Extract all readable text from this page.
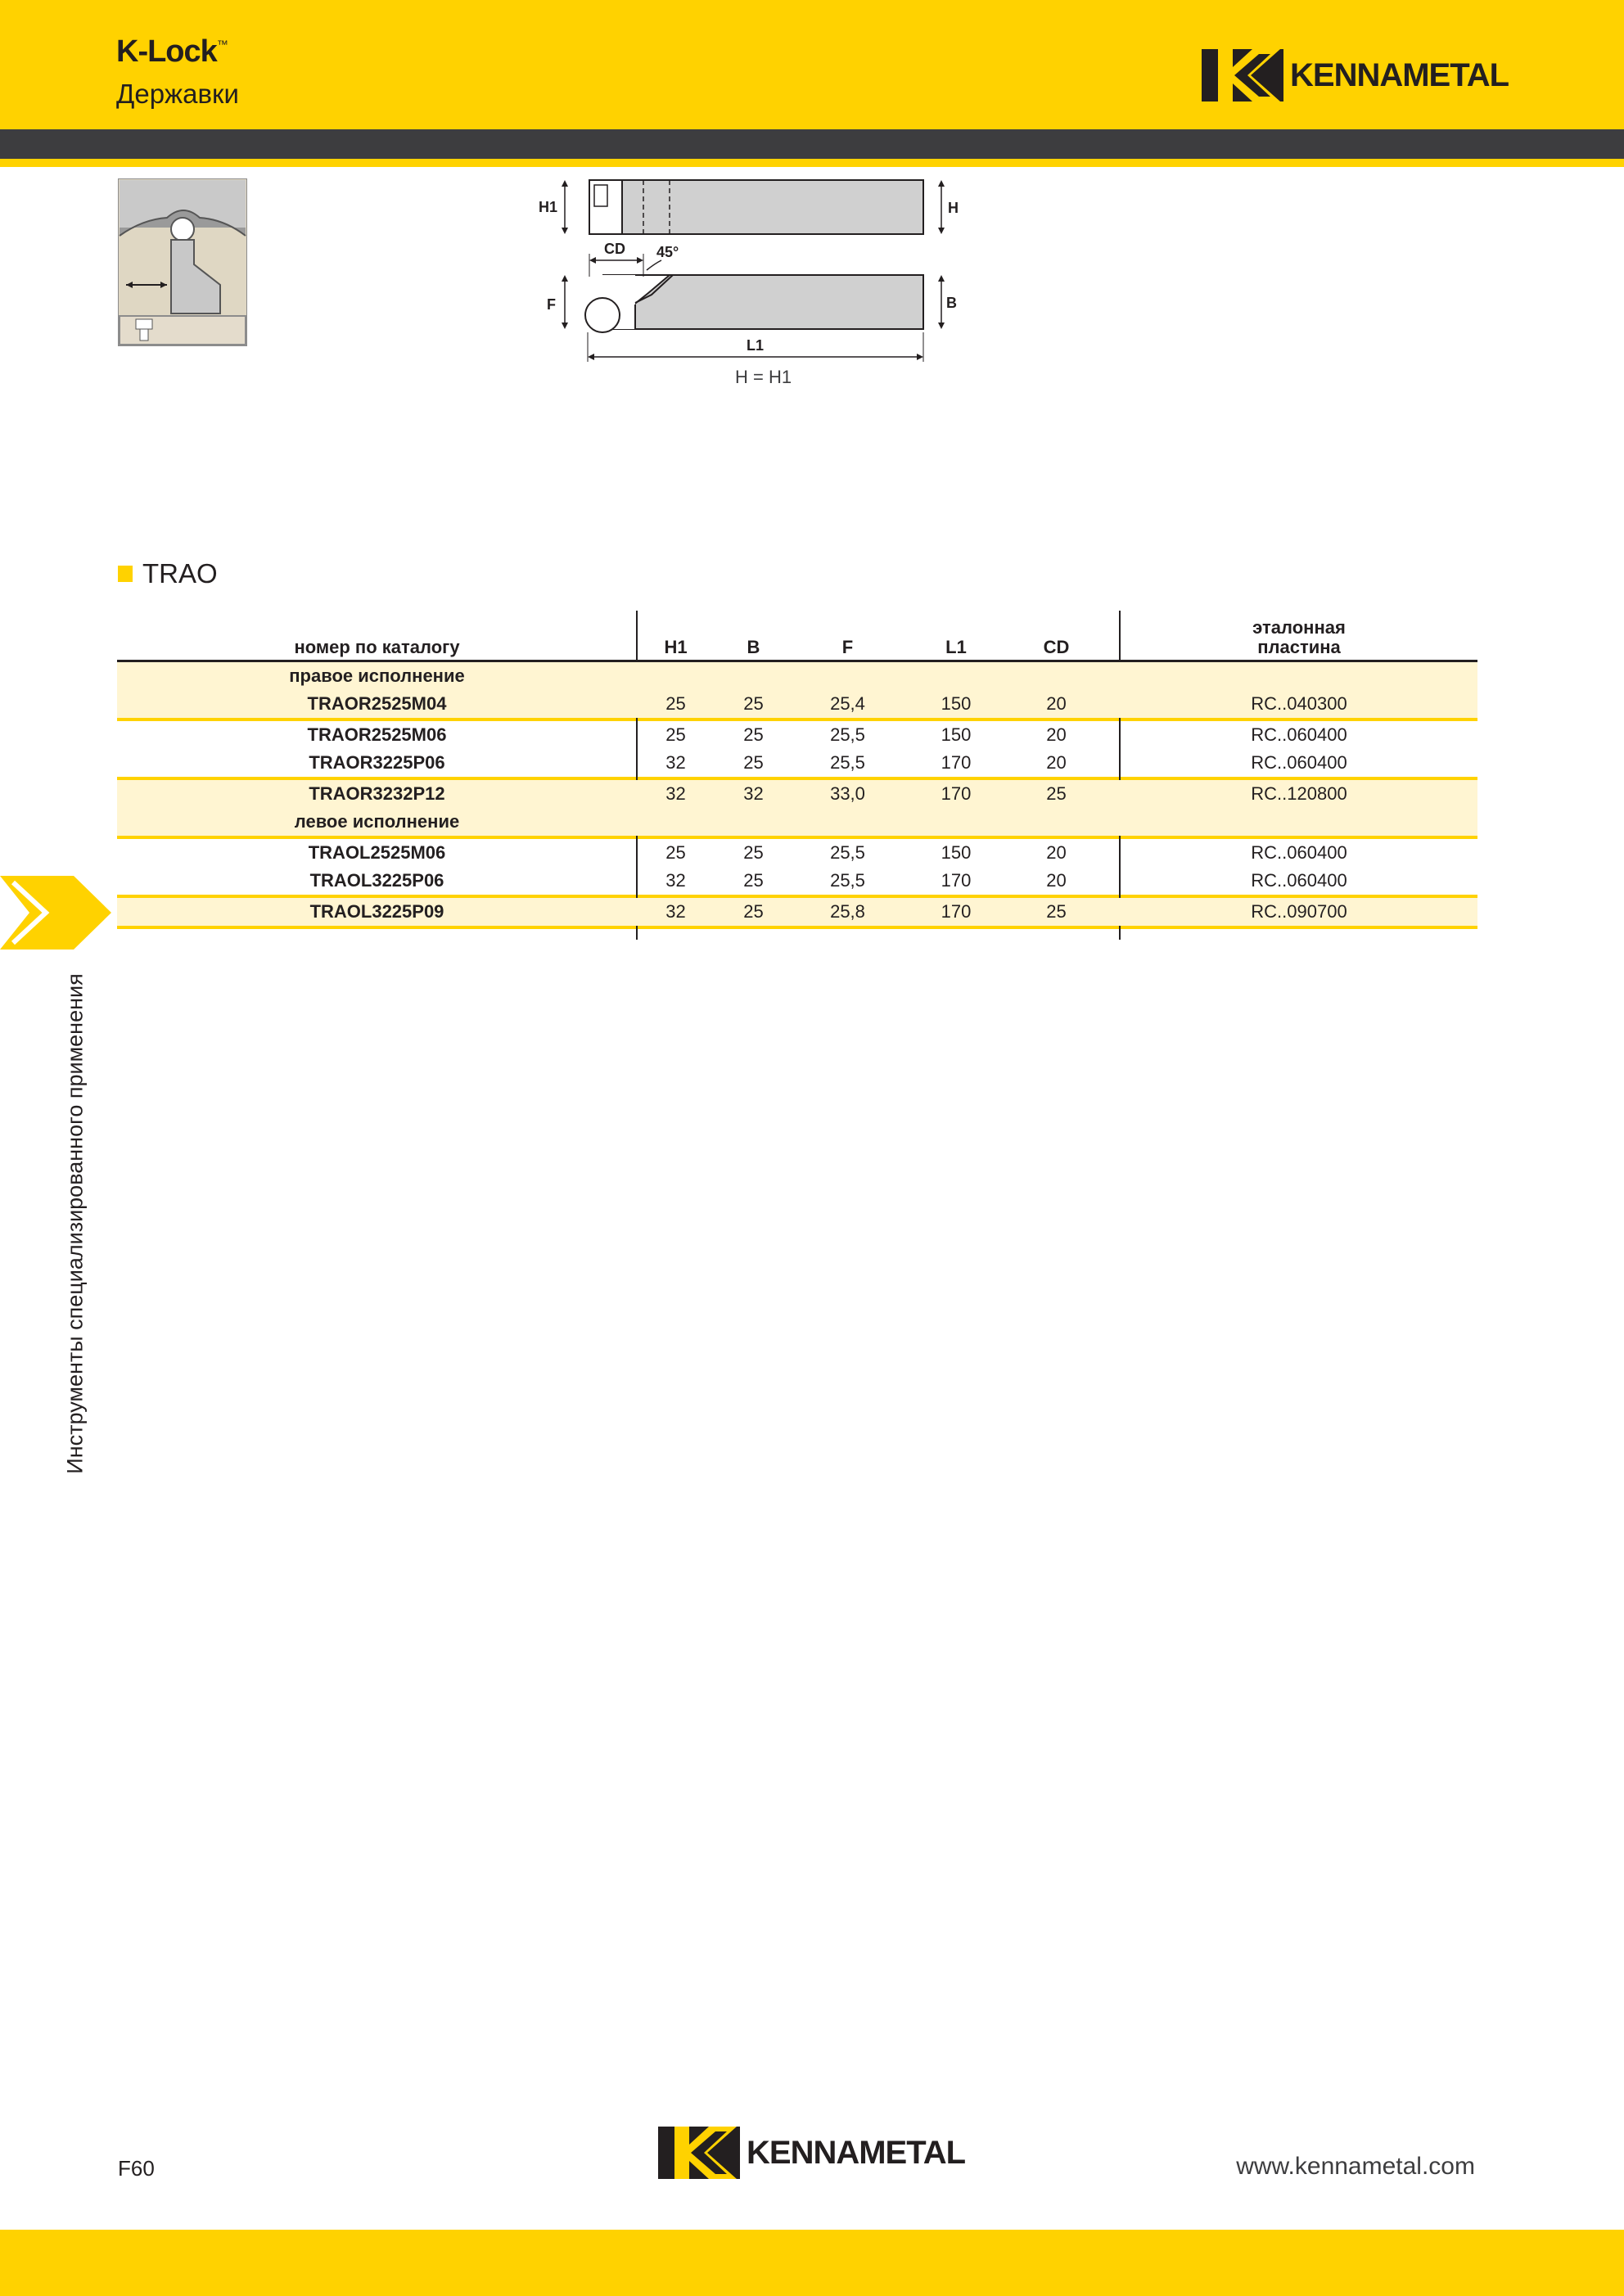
K-Lock™
Державки
KENNAMETAL
H1	H
CD 45°
F	B
L1
H = H1
TRAO
номер по каталогу	H1	B	F	L1	CD
эталонная
пластина
правое исполнение
TRAOR2525M04	25	25	25,4	150	20	RC..040300
TRAOR2525M06	25	25	25,5	150	20	RC..060400
TRAOR3225P06	32	25	25,5	170	20	RC..060400
TRAOR3232P12	32	32	33,0	170	25	RC..120800
левое исполнение
TRAOL2525M06	25	25	25,5	150	20	RC..060400
TRAOL3225P06	32	25	25,5	170	20	RC..060400
TRAOL3225P09	32	25	25,8	170	25	RC..090700
Инструменты специализированного применения
F60	KENNAMETAL	www.kennametal.com
